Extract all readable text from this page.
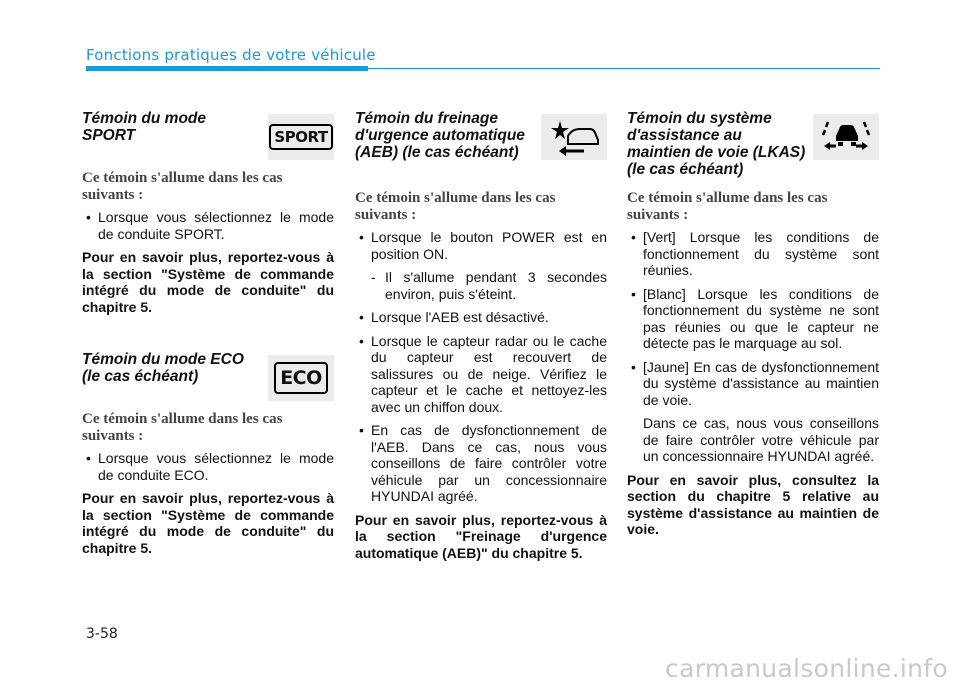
Fonctions pratiques de votre véhicule
Témoin du mode SPORT	SPORT
Ce témoin s'allume dans les cas suivants :
• Lorsque vous sélectionnez le mode de conduite SPORT.
Pour en savoir plus, reportez-vous à la section "Système de commande intégré du mode de conduite" du chapitre 5.
Témoin du mode ECO (le cas échéant)	ECO
Ce témoin s'allume dans les cas suivants :
• Lorsque vous sélectionnez le mode de conduite ECO.
Pour en savoir plus, reportez-vous à la section "Système de commande intégré du mode de conduite" du chapitre 5.
Témoin du freinage d'urgence automatique (AEB) (le cas échéant)
Ce témoin s'allume dans les cas suivants :
• Lorsque le bouton POWER est en position ON.
- Il s'allume pendant 3 secondes environ, puis s'éteint.
• Lorsque l'AEB est désactivé.
• Lorsque le capteur radar ou le cache du capteur est recouvert de salissures ou de neige. Vérifiez le capteur et le cache et nettoyez-les avec un chiffon doux.
• En cas de dysfonctionnement de l'AEB. Dans ce cas, nous vous conseillons de faire contrôler votre véhicule par un concessionnaire HYUNDAI agréé.
Pour en savoir plus, reportez-vous à la section "Freinage d'urgence automatique (AEB)" du chapitre 5.
Témoin du système d'assistance au maintien de voie (LKAS) (le cas échéant)
Ce témoin s'allume dans les cas suivants :
• [Vert] Lorsque les conditions de fonctionnement du système sont réunies.
• [Blanc] Lorsque les conditions de fonctionnement du système ne sont pas réunies ou que le capteur ne détecte pas le marquage au sol.
• [Jaune] En cas de dysfonctionnement du système d'assistance au maintien de voie.
Dans ce cas, nous vous conseillons de faire contrôler votre véhicule par un concessionnaire HYUNDAI agréé.
Pour en savoir plus, consultez la section du chapitre 5 relative au système d'assistance au maintien de voie.
3-58
carmanualsonline.info
